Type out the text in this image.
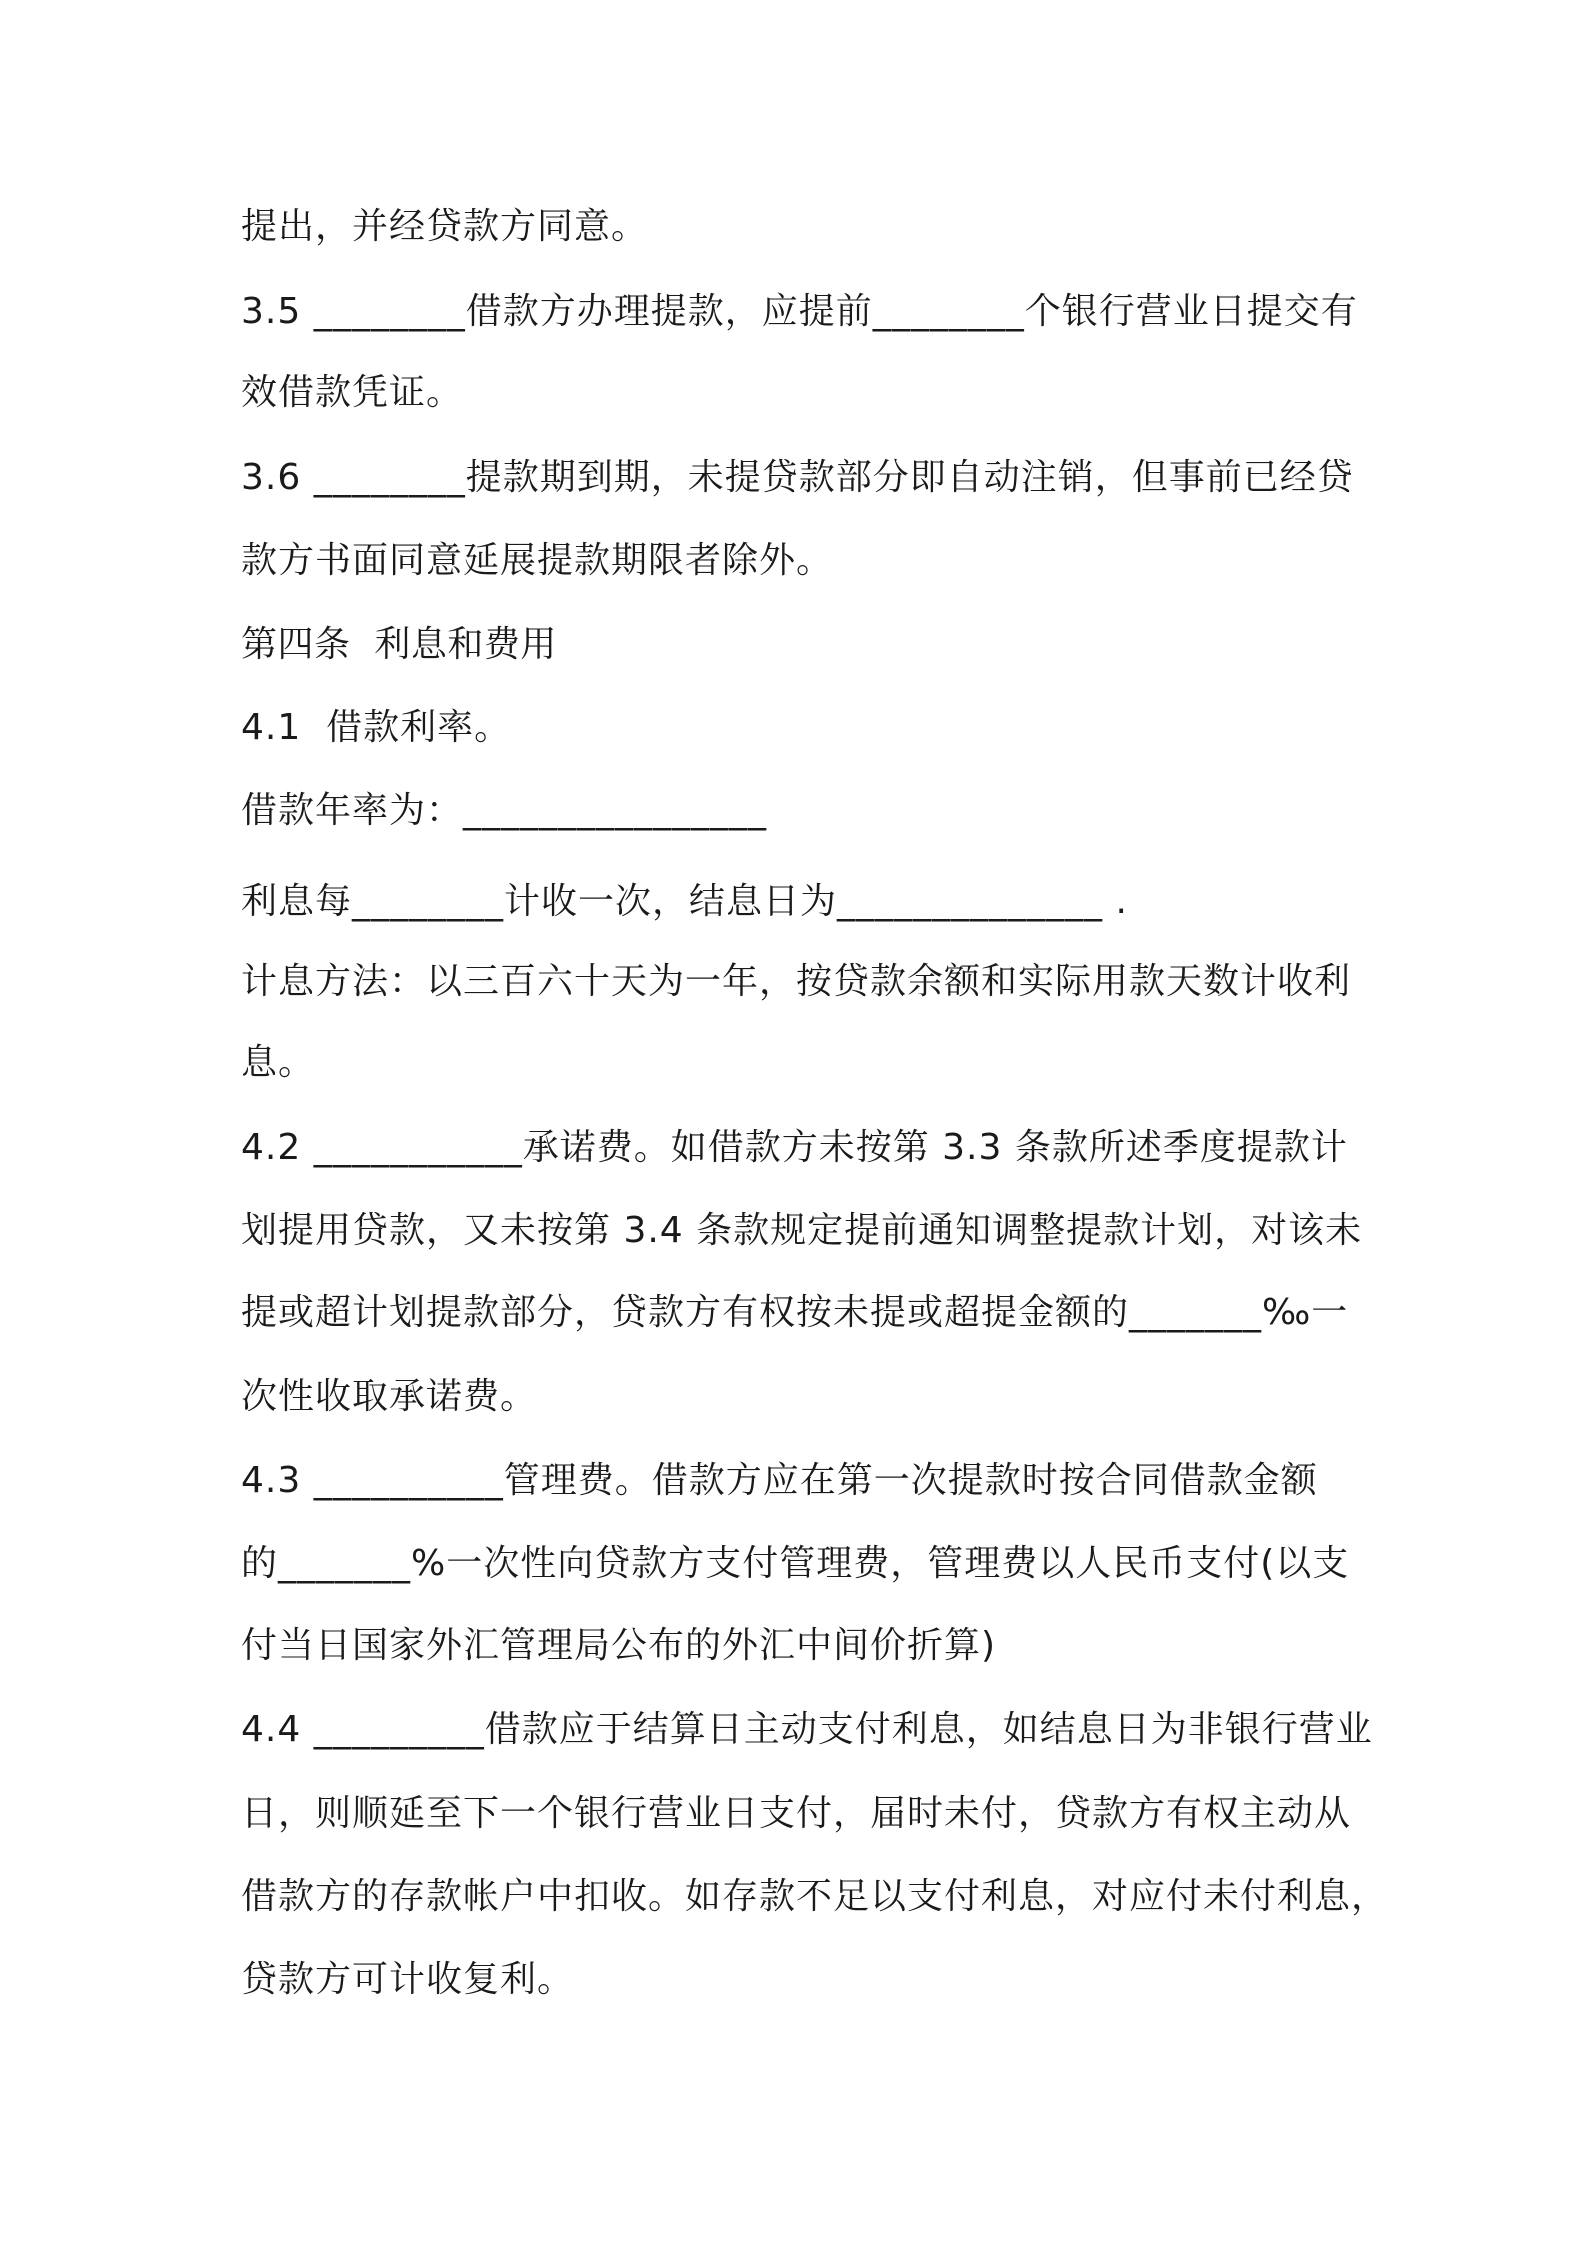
提出，并经贷款方同意。
3.5 ________借款方办理提款，应提前________个银行营业日提交有
效借款凭证。
3.6 ________提款期到期，未提贷款部分即自动注销，但事前已经贷
款方书面同意延展提款期限者除外。
第四条  利息和费用
4.1  借款利率。
借款年率为：________________
利息每________计收一次，结息日为______________ .
计息方法：以三百六十天为一年，按贷款余额和实际用款天数计收利
息。
4.2 ___________承诺费。如借款方未按第 3.3 条款所述季度提款计
划提用贷款，又未按第 3.4 条款规定提前通知调整提款计划，对该未
提或超计划提款部分，贷款方有权按未提或超提金额的_______‰一
次性收取承诺费。
4.3 __________管理费。借款方应在第一次提款时按合同借款金额
的_______%一次性向贷款方支付管理费，管理费以人民币支付(以支
付当日国家外汇管理局公布的外汇中间价折算)
4.4 _________借款应于结算日主动支付利息，如结息日为非银行营业
日，则顺延至下一个银行营业日支付，届时未付，贷款方有权主动从
借款方的存款帐户中扣收。如存款不足以支付利息，对应付未付利息，
贷款方可计收复利。
